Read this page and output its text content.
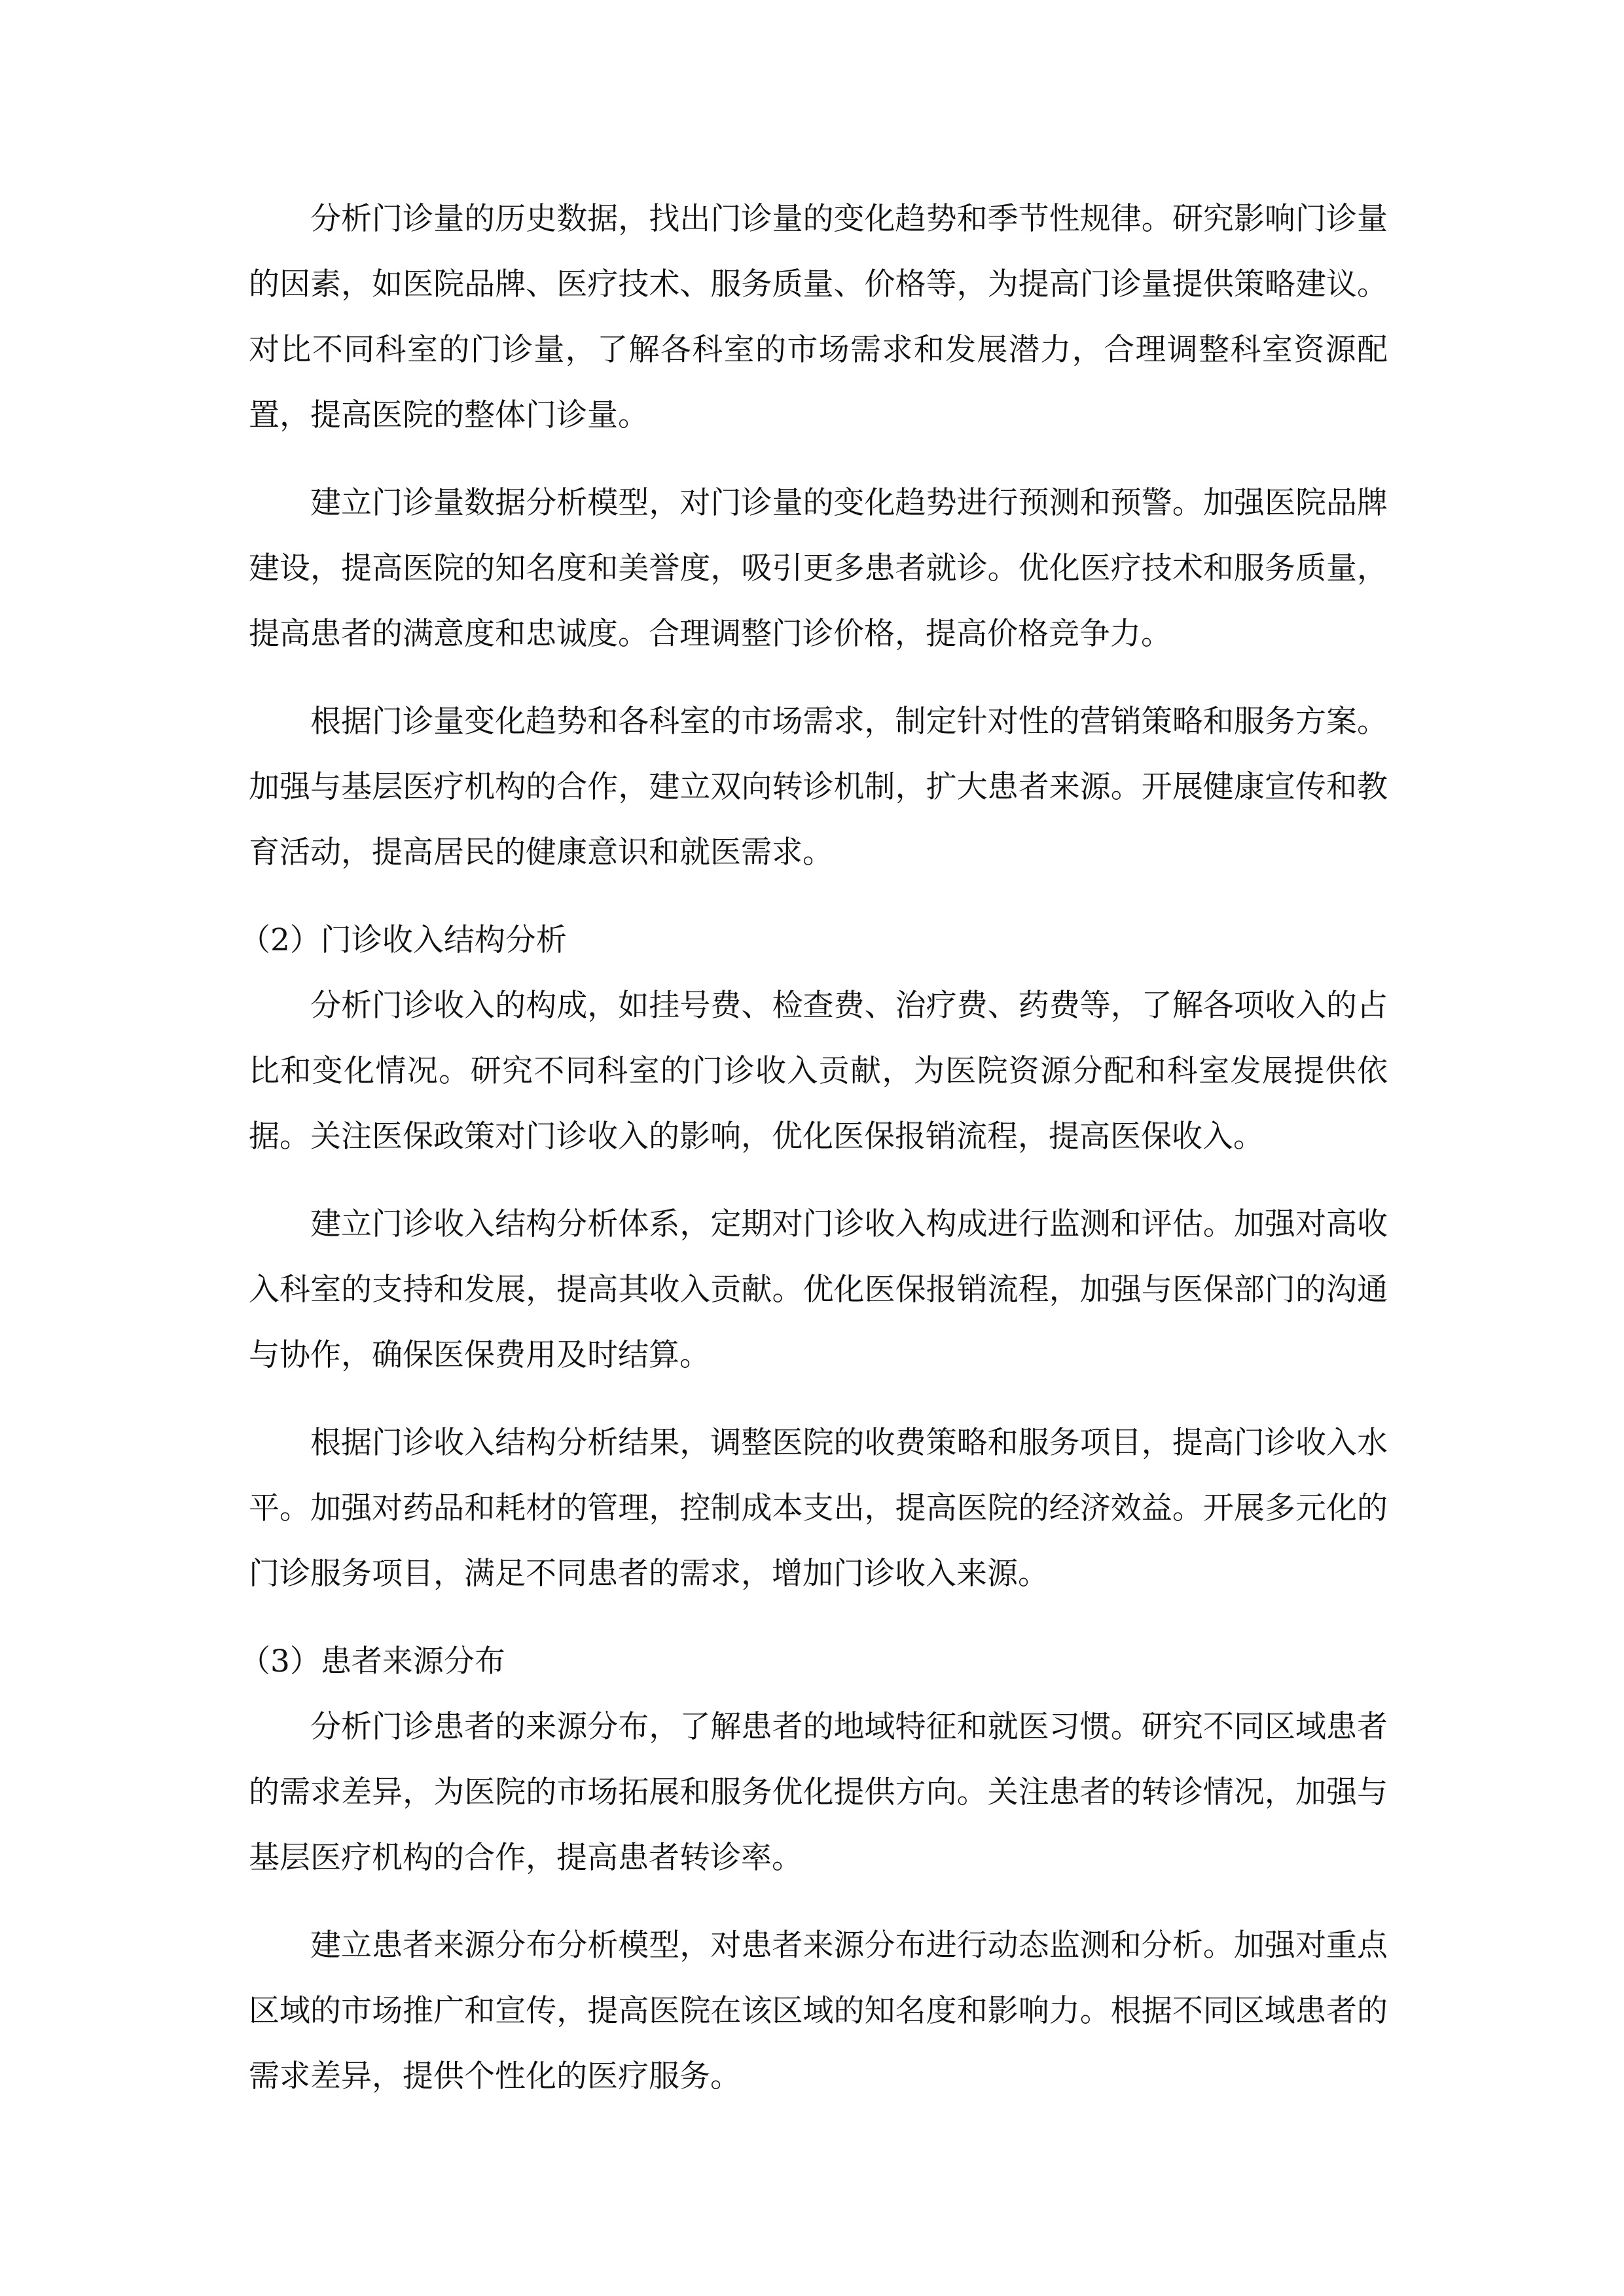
分析门诊量的历史数据，找出门诊量的变化趋势和季节性规律。研究影响门诊量的因素，如医院品牌、医疗技术、服务质量、价格等，为提高门诊量提供策略建议。对比不同科室的门诊量，了解各科室的市场需求和发展潜力，合理调整科室资源配置，提高医院的整体门诊量。

建立门诊量数据分析模型，对门诊量的变化趋势进行预测和预警。加强医院品牌建设，提高医院的知名度和美誉度，吸引更多患者就诊。优化医疗技术和服务质量，提高患者的满意度和忠诚度。合理调整门诊价格，提高价格竞争力。

根据门诊量变化趋势和各科室的市场需求，制定针对性的营销策略和服务方案。加强与基层医疗机构的合作，建立双向转诊机制，扩大患者来源。开展健康宣传和教育活动，提高居民的健康意识和就医需求。

（2）门诊收入结构分析

分析门诊收入的构成，如挂号费、检查费、治疗费、药费等，了解各项收入的占比和变化情况。研究不同科室的门诊收入贡献，为医院资源分配和科室发展提供依据。关注医保政策对门诊收入的影响，优化医保报销流程，提高医保收入。

建立门诊收入结构分析体系，定期对门诊收入构成进行监测和评估。加强对高收入科室的支持和发展，提高其收入贡献。优化医保报销流程，加强与医保部门的沟通与协作，确保医保费用及时结算。

根据门诊收入结构分析结果，调整医院的收费策略和服务项目，提高门诊收入水平。加强对药品和耗材的管理，控制成本支出，提高医院的经济效益。开展多元化的门诊服务项目，满足不同患者的需求，增加门诊收入来源。

（3）患者来源分布

分析门诊患者的来源分布，了解患者的地域特征和就医习惯。研究不同区域患者的需求差异，为医院的市场拓展和服务优化提供方向。关注患者的转诊情况，加强与基层医疗机构的合作，提高患者转诊率。

建立患者来源分布分析模型，对患者来源分布进行动态监测和分析。加强对重点区域的市场推广和宣传，提高医院在该区域的知名度和影响力。根据不同区域患者的需求差异，提供个性化的医疗服务。
